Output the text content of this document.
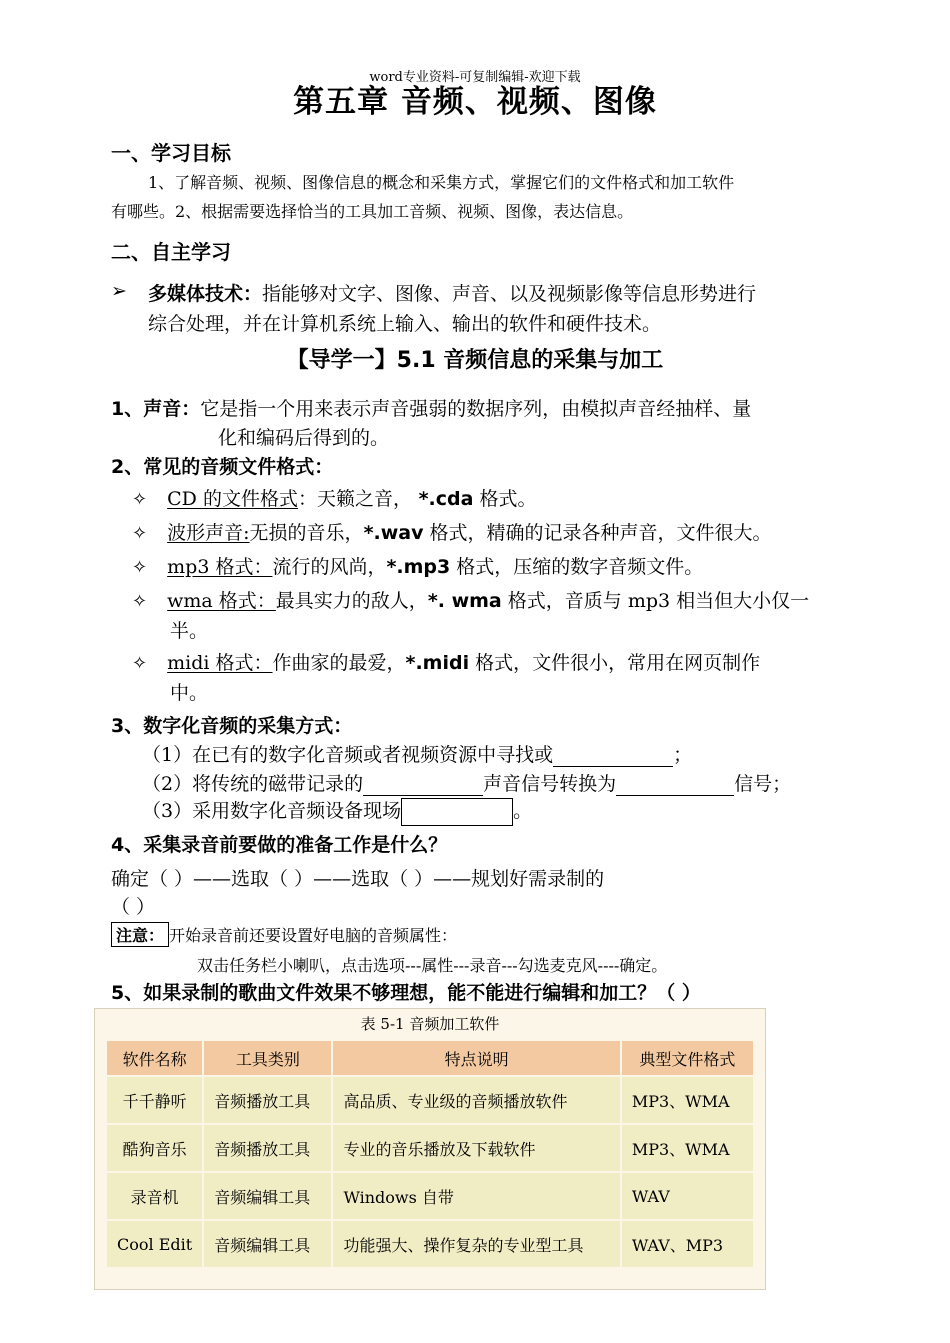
word专业资料-可复制编辑-欢迎下载
第五章 音频、视频、图像
一、学习目标
1、了解音频、视频、图像信息的概念和采集方式，掌握它们的文件格式和加工软件
有哪些。2、根据需要选择恰当的工具加工音频、视频、图像，表达信息。
二、自主学习
➢ 多媒体技术：指能够对文字、图像、声音、以及视频影像等信息形势进行
综合处理，并在计算机系统上输入、输出的软件和硬件技术。
【导学一】5.1 音频信息的采集与加工
1、声音：它是指一个用来表示声音强弱的数据序列，由模拟声音经抽样、量
化和编码后得到的。
2、常见的音频文件格式：
✧ CD 的文件格式：天籁之音， *.cda 格式。
✧ 波形声音:无损的音乐，*.wav 格式，精确的记录各种声音，文件很大。
✧ mp3 格式：流行的风尚，*.mp3 格式，压缩的数字音频文件。
✧ wma 格式：最具实力的敌人，*. wma 格式，音质与 mp3 相当但大小仅一
半。
✧ midi 格式：作曲家的最爱，*.midi 格式，文件很小，常用在网页制作
中。
3、数字化音频的采集方式：
（1）在已有的数字化音频或者视频资源中寻找或	；
（2）将传统的磁带记录的	声音信号转换为	信号；
（3）采用数字化音频设备现场	。
4、采集录音前要做的准备工作是什么？
确定（ ）——选取（ ）——选取（ ）——规划好需录制的
（ ）
注意： 开始录音前还要设置好电脑的音频属性：
双击任务栏小喇叭，点击选项---属性---录音---勾选麦克风----确定。
5、如果录制的歌曲文件效果不够理想，能不能进行编辑和加工？（ ）
表 5-1 音频加工软件
软件名称	工具类别	特点说明	典型文件格式
千千静听	音频播放工具	高品质、专业级的音频播放软件	MP3、WMA
酷狗音乐	音频播放工具	专业的音乐播放及下载软件	MP3、WMA
录音机	音频编辑工具	Windows 自带	WAV
Cool Edit	音频编辑工具	功能强大、操作复杂的专业型工具	WAV、MP3
